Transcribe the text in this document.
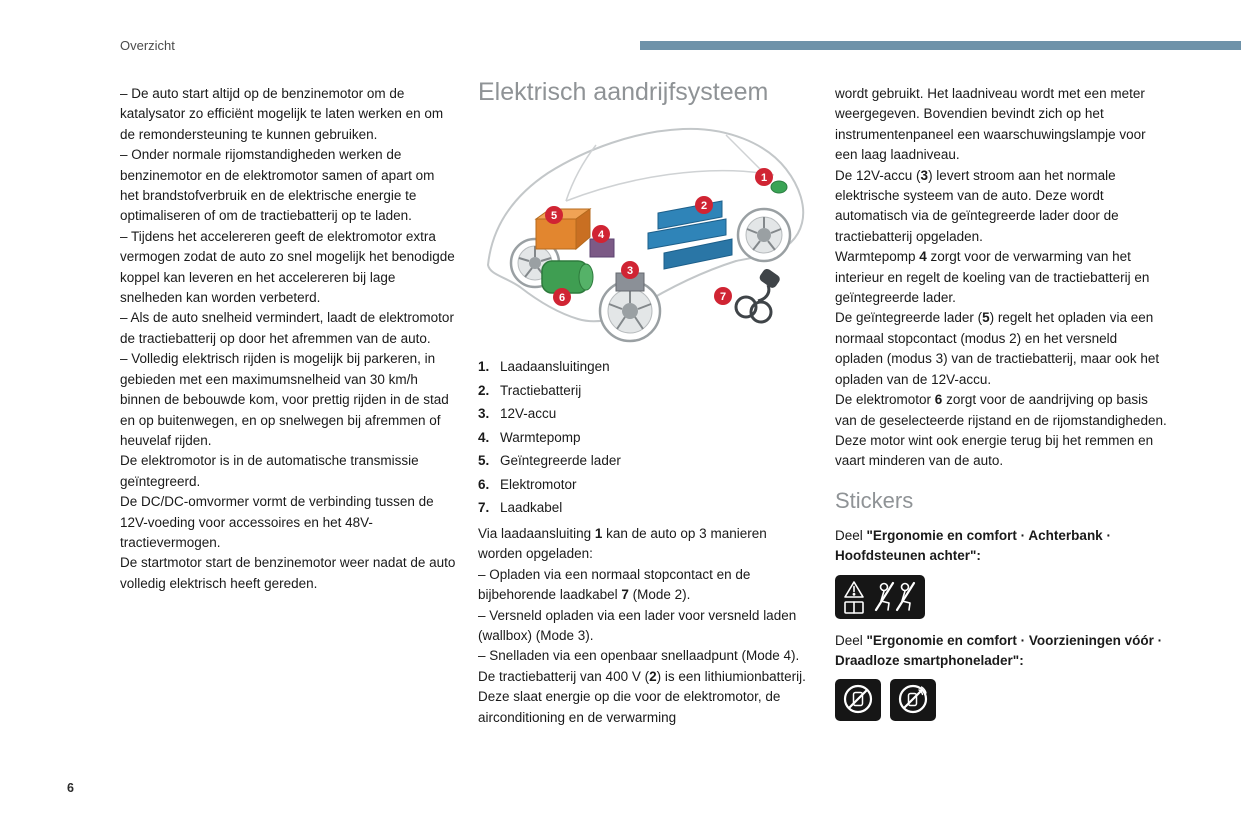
Overzicht

– De auto start altijd op de benzinemotor om de katalysator zo efficiënt mogelijk te laten werken en om de remondersteuning te kunnen gebruiken.

– Onder normale rijomstandigheden werken de benzinemotor en de elektromotor samen of apart om het brandstofverbruik en de elektrische energie te optimaliseren of om de tractiebatterij op te laden.

– Tijdens het accelereren geeft de elektromotor extra vermogen zodat de auto zo snel mogelijk het benodigde koppel kan leveren en het accelereren bij lage snelheden kan worden verbeterd.

– Als de auto snelheid vermindert, laadt de elektromotor de tractiebatterij op door het afremmen van de auto.

– Volledig elektrisch rijden is mogelijk bij parkeren, in gebieden met een maximumsnelheid van 30 km/h binnen de bebouwde kom, voor prettig rijden in de stad en op buitenwegen, en op snelwegen bij afremmen of heuvelaf rijden.

De elektromotor is in de automatische transmissie geïntegreerd.

De DC/DC-omvormer vormt de verbinding tussen de 12V-voeding voor accessoires en het 48V-tractievermogen.

De startmotor start de benzinemotor weer nadat de auto volledig elektrisch heeft gereden.

Elektrisch aandrijfsysteem
1
2
3
4
5
6	7
1. Laadaansluitingen
2. Tractiebatterij
3. 12V-accu
4. Warmtepomp
5. Geïntegreerde lader
6. Elektromotor
7. Laadkabel

Via laadaansluiting 1 kan de auto op 3 manieren worden opgeladen:

– Opladen via een normaal stopcontact en de bijbehorende laadkabel 7 (Mode 2).

– Versneld opladen via een lader voor versneld laden (wallbox) (Mode 3).

– Snelladen via een openbaar snellaadpunt (Mode 4).

De tractiebatterij van 400 V (2) is een lithiumionbatterij. Deze slaat energie op die voor de elektromotor, de airconditioning en de verwarming

wordt gebruikt. Het laadniveau wordt met een meter weergegeven. Bovendien bevindt zich op het instrumentenpaneel een waarschuwingslampje voor een laag laadniveau.

De 12V-accu (3) levert stroom aan het normale elektrische systeem van de auto. Deze wordt automatisch via de geïntegreerde lader door de tractiebatterij opgeladen.

Warmtepomp 4 zorgt voor de verwarming van het interieur en regelt de koeling van de tractiebatterij en geïntegreerde lader.

De geïntegreerde lader (5) regelt het opladen via een normaal stopcontact (modus 2) en het versneld opladen (modus 3) van de tractiebatterij, maar ook het opladen van de 12V-accu.

De elektromotor 6 zorgt voor de aandrijving op basis van de geselecteerde rijstand en de rijomstandigheden. Deze motor wint ook energie terug bij het remmen en vaart minderen van de auto.

Stickers

Deel "Ergonomie en comfort · Achterbank · Hoofdsteunen achter":

Deel "Ergonomie en comfort · Voorzieningen vóór · Draadloze smartphonelader":

6
